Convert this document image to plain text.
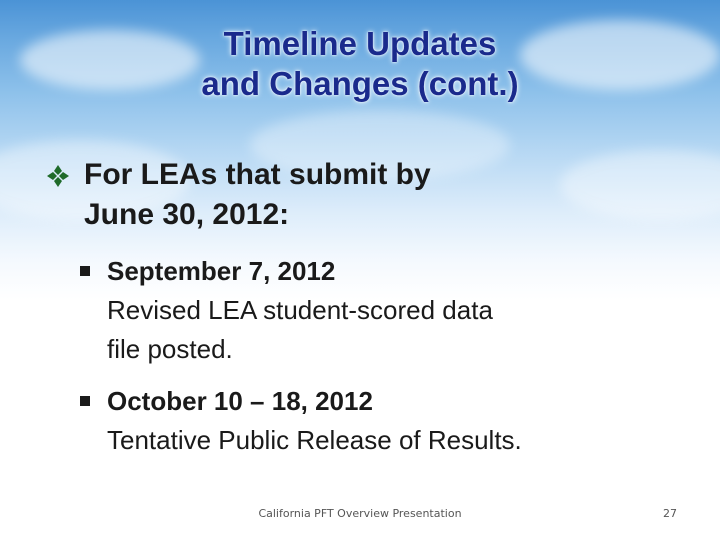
Timeline Updates
and Changes (cont.)
For LEAs that submit by
June 30, 2012:
September 7, 2012
Revised LEA student-scored data
file posted.
October 10 – 18, 2012
Tentative Public Release of Results.
California PFT Overview Presentation	27
